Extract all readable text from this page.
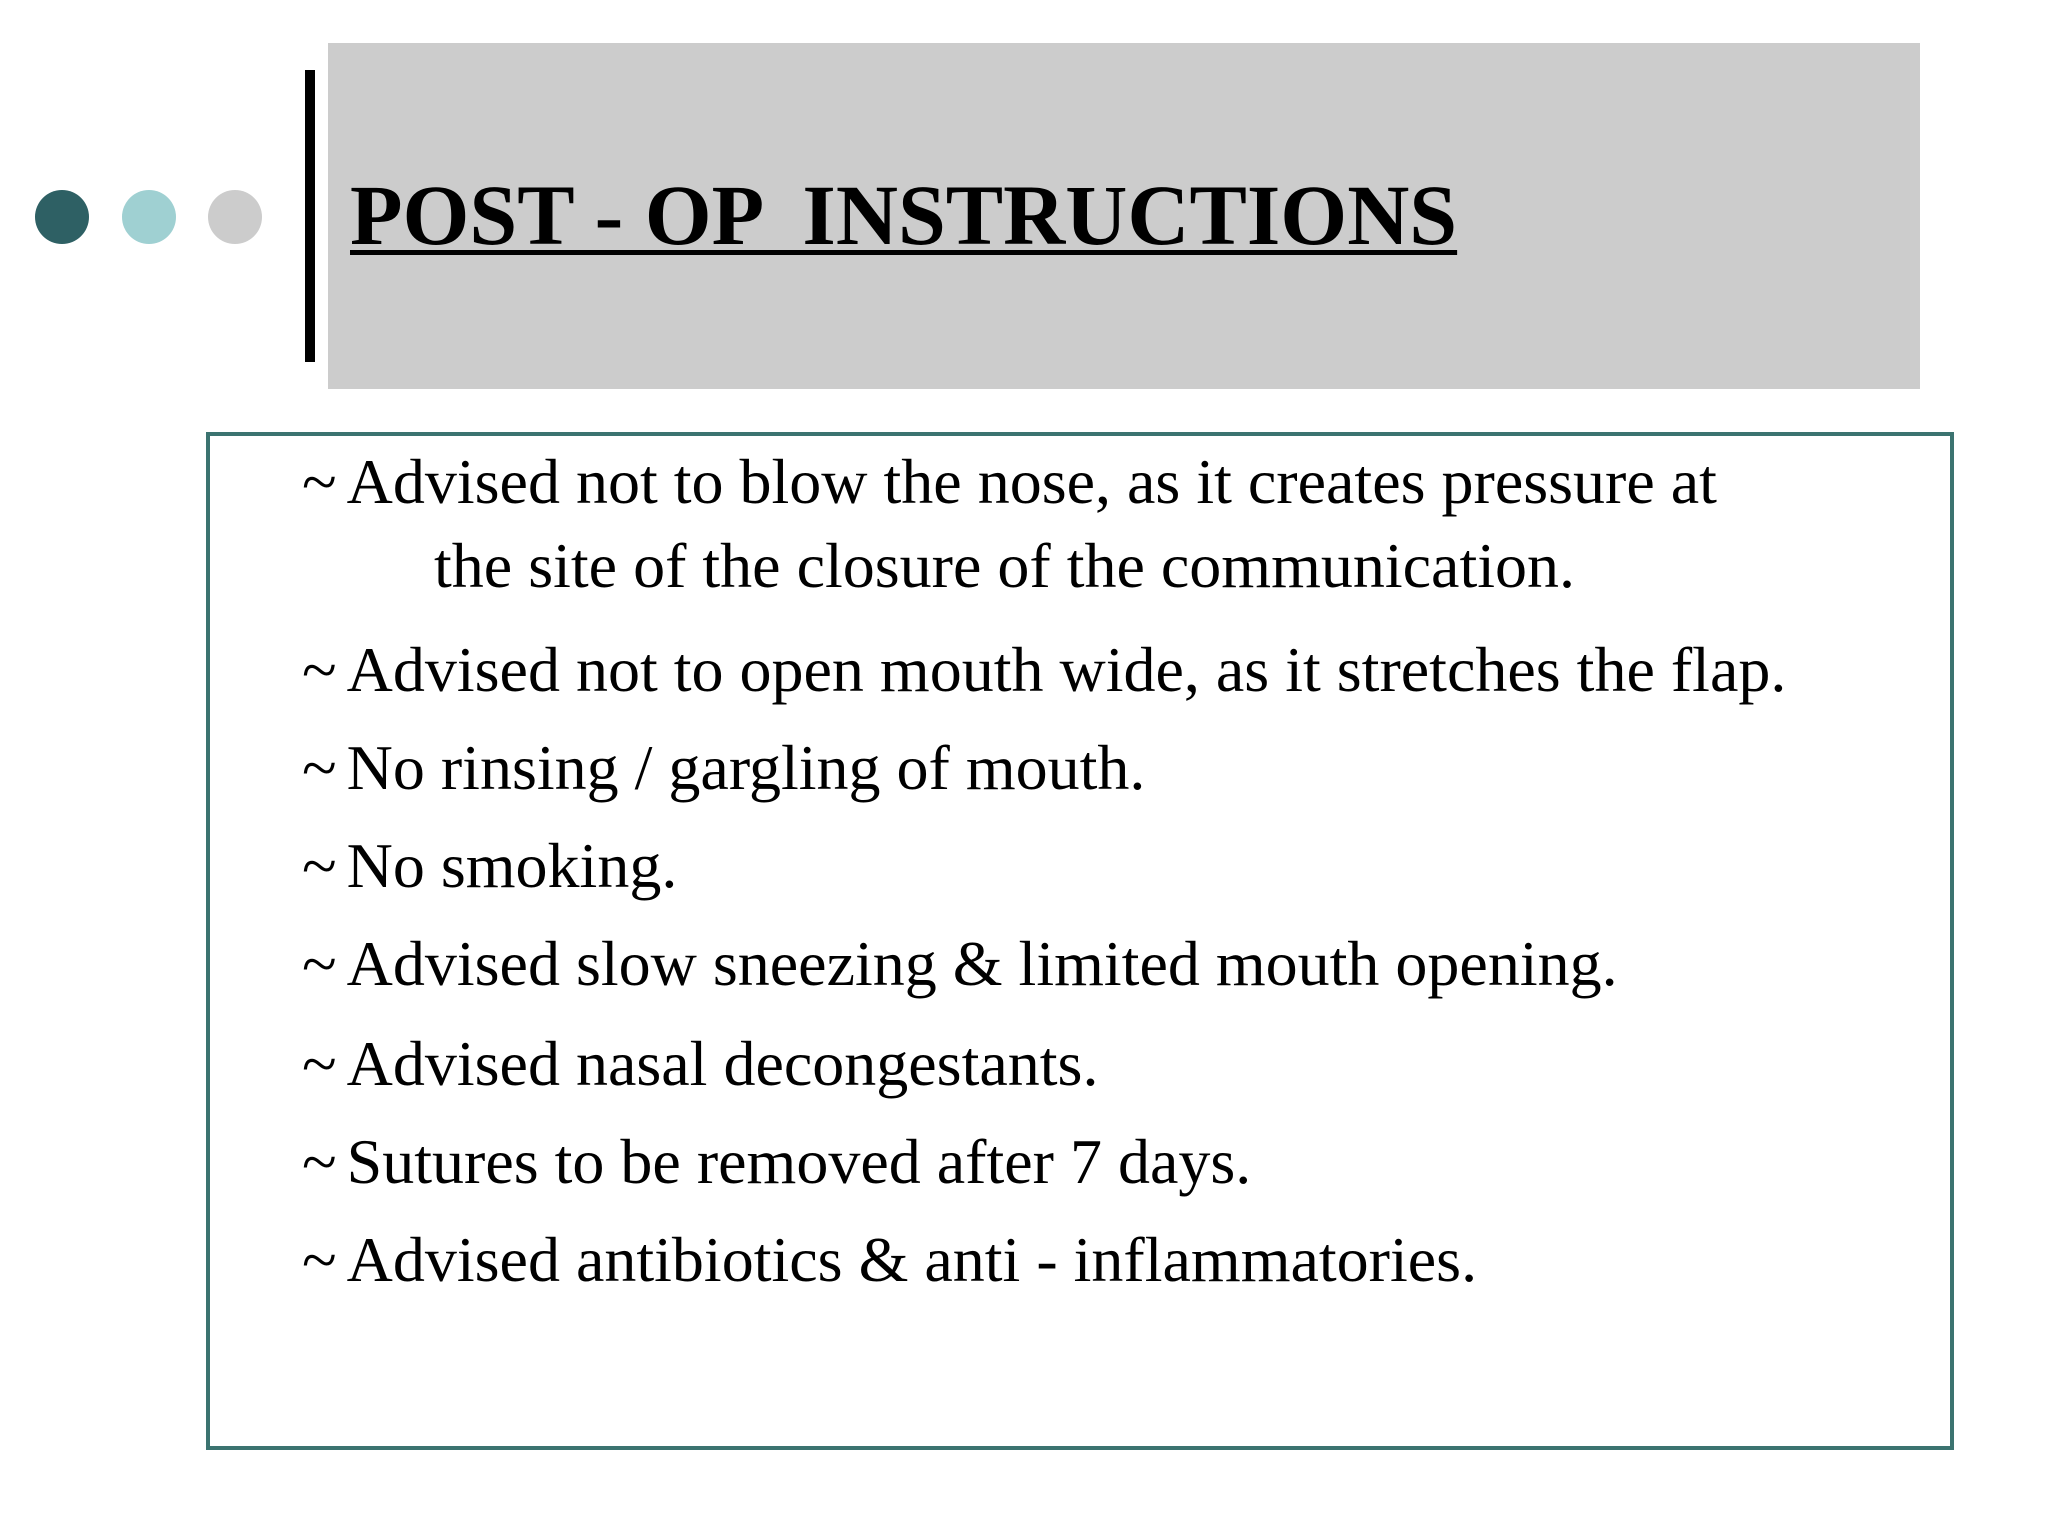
POST - OP  INSTRUCTIONS

~ Advised not to blow the nose, as it creates pressure at

the site of the closure of the communication.

~ Advised not to open mouth wide, as it stretches the flap.

~ No rinsing / gargling of mouth.

~ No smoking.

~ Advised slow sneezing & limited mouth opening.

~ Advised nasal decongestants.

~ Sutures to be removed after 7 days.

~ Advised antibiotics & anti - inflammatories.
